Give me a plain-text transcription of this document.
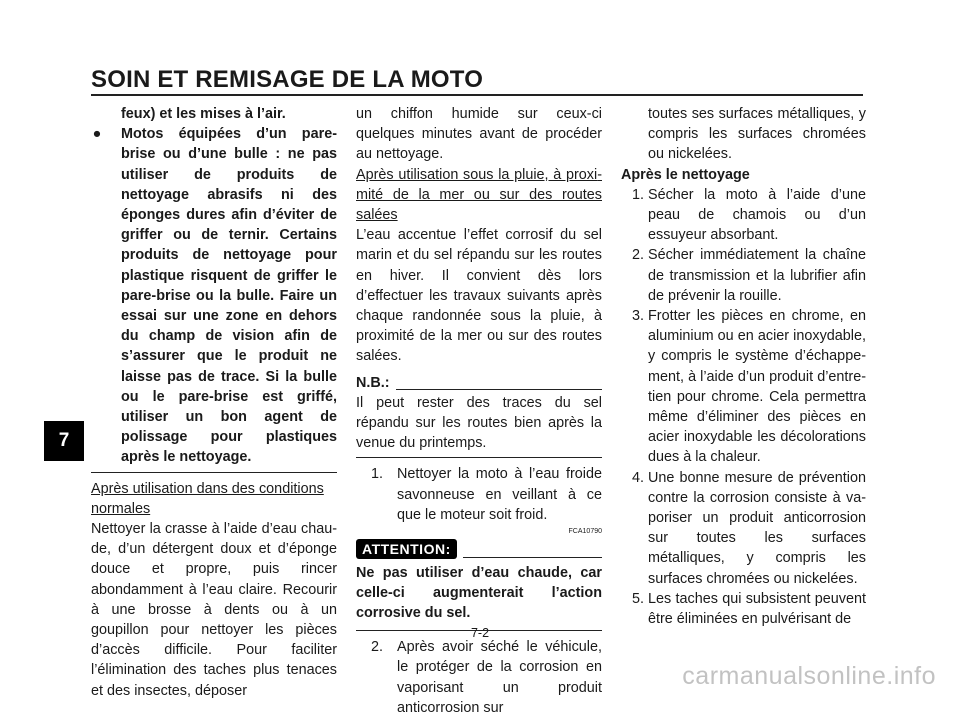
SOIN ET REMISAGE DE LA MOTO
7

feux) et les mises à l’air.

● Motos équipées d’un pare-brise ou d’une bulle : ne pas utiliser de produits de nettoyage abrasifs ni des éponges dures afin d’éviter de griffer ou de ternir. Certains produits de nettoyage pour plastique risquent de griffer le pare-brise ou la bulle. Faire un essai sur une zone en dehors du champ de vision afin de s’assurer que le produit ne laisse pas de trace. Si la bulle ou le pare-brise est griffé, utiliser un bon agent de polissage pour plastiques après le nettoyage.

Après utilisation dans des conditions normales

Nettoyer la crasse à l’aide d’eau chaude, d’un détergent doux et d’éponge douce et propre, puis rincer abondamment à l’eau claire. Recourir à une brosse à dents ou à un goupillon pour nettoyer les pièces d’accès difficile. Pour faciliter l’élimination des taches plus tenaces et des insectes, déposer

un chiffon humide sur ceux-ci quelques minutes avant de procéder au nettoyage.

Après utilisation sous la pluie, à proximité de la mer ou sur des routes salées

L’eau accentue l’effet corrosif du sel marin et du sel répandu sur les routes en hiver. Il convient dès lors d’effectuer les travaux suivants après chaque randonnée sous la pluie, à proximité de la mer ou sur des routes salées.

N.B.:

Il peut rester des traces du sel répandu sur les routes bien après la venue du printemps.

1. Nettoyer la moto à l’eau froide savonneuse en veillant à ce que le moteur soit froid.
FCA10790
ATTENTION:

Ne pas utiliser d’eau chaude, car celle-ci augmenterait l’action corrosive du sel.

2. Après avoir séché le véhicule, le protéger de la corrosion en vaporisant un produit anticorrosion sur

toutes ses surfaces métalliques, y compris les surfaces chromées ou nickelées.

Après le nettoyage

1. Sécher la moto à l’aide d’une peau de chamois ou d’un essuyeur absorbant.
2. Sécher immédiatement la chaîne de transmission et la lubrifier afin de prévenir la rouille.
3. Frotter les pièces en chrome, en aluminium ou en acier inoxydable, y compris le système d’échappement, à l’aide d’un produit d’entretien pour chrome. Cela permettra même d’éliminer des pièces en acier inoxydable les décolorations dues à la chaleur.
4. Une bonne mesure de prévention contre la corrosion consiste à vaporiser un produit anticorrosion sur toutes les surfaces métalliques, y compris les surfaces chromées ou nickelées.
5. Les taches qui subsistent peuvent être éliminées en pulvérisant de
7-2
carmanualsonline.info
